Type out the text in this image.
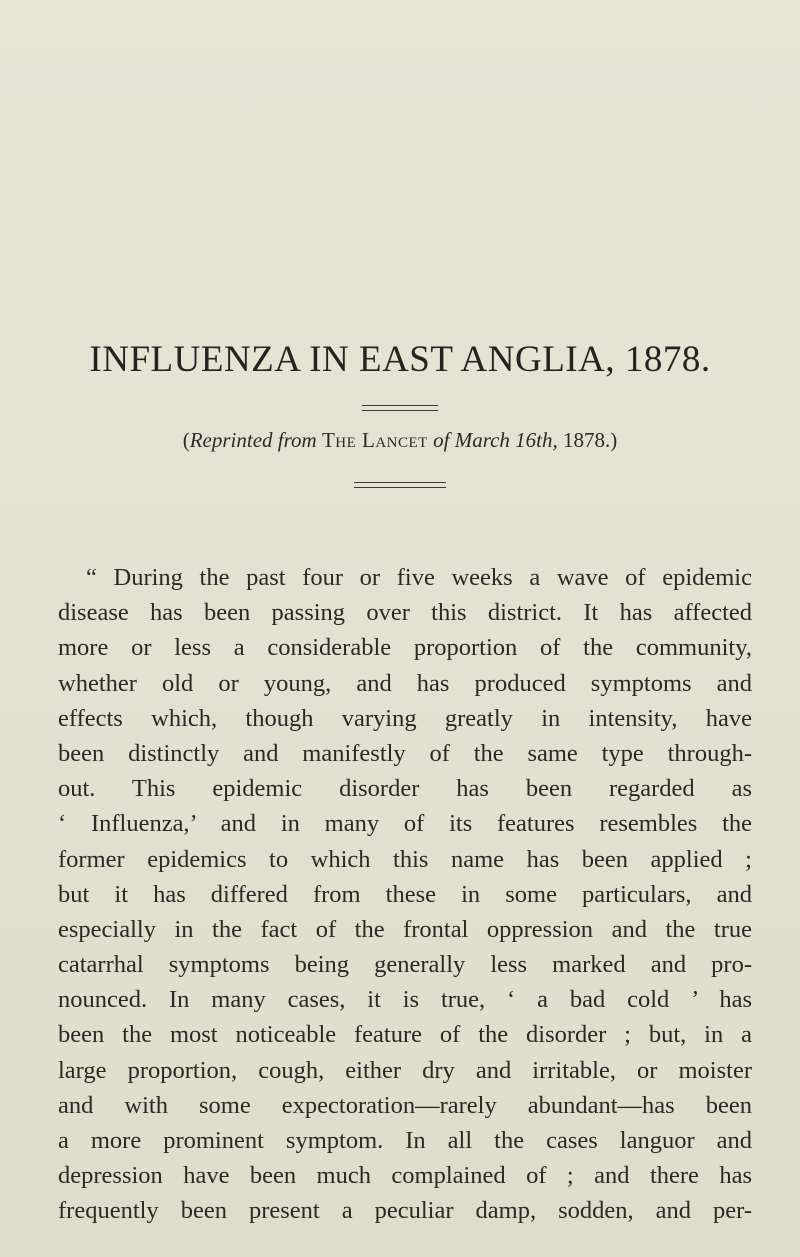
INFLUENZA IN EAST ANGLIA, 1878.
(Reprinted from The Lancet of March 16th, 1878.)
“ During the past four or five weeks a wave of epidemic
disease has been passing over this district. It has affected
more or less a considerable proportion of the community,
whether old or young, and has produced symptoms and
effects which, though varying greatly in intensity, have
been distinctly and manifestly of the same type through-
out. This epidemic disorder has been regarded as
‘ Influenza,’ and in many of its features resembles the
former epidemics to which this name has been applied ;
but it has differed from these in some particulars, and
especially in the fact of the frontal oppression and the true
catarrhal symptoms being generally less marked and pro-
nounced. In many cases, it is true, ‘ a bad cold ’ has
been the most noticeable feature of the disorder ; but, in a
large proportion, cough, either dry and irritable, or moister
and with some expectoration—rarely abundant—has been
a more prominent symptom. In all the cases languor and
depression have been much complained of ; and there has
frequently been present a peculiar damp, sodden, and per-
